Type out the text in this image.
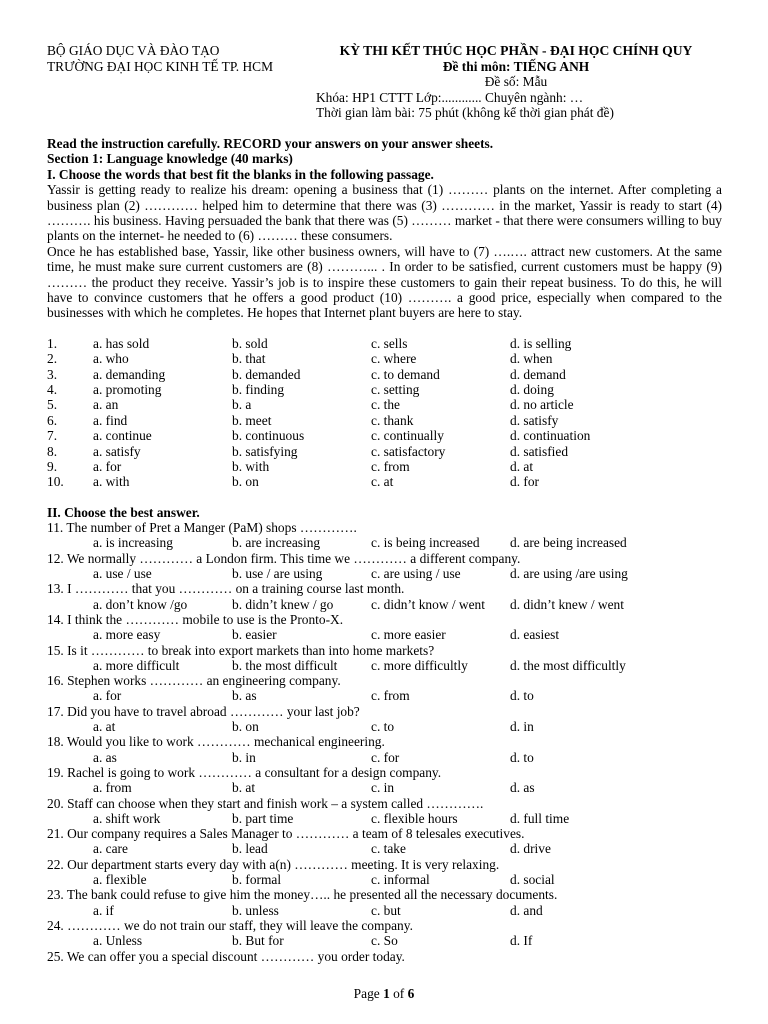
BỘ GIÁO DỤC VÀ ĐÀO TẠO
TRƯỜNG ĐẠI HỌC KINH TẾ TP. HCM
KỲ THI KẾT THÚC HỌC PHẦN - ĐẠI HỌC CHÍNH QUY
Đề thi môn: TIẾNG ANH
Đề số: Mẫu
Khóa: HP1 CTTT Lớp:............ Chuyên ngành: …
Thời gian làm bài: 75 phút (không kể thời gian phát đề)
Read the instruction carefully. RECORD your answers on your answer sheets.
Section 1: Language knowledge (40 marks)
I. Choose the words that best fit the blanks in the following passage.
Yassir is getting ready to realize his dream: opening a business that (1) ……… plants on the internet. After completing a business plan (2) ………… helped him to determine that there was (3) ………… in the market, Yassir is ready to start (4) ………. his business. Having persuaded the bank that there was (5) ……… market - that there were consumers willing to buy plants on the internet- he needed to (6) ……… these consumers.
Once he has established base, Yassir, like other business owners, will have to (7) ….…. attract new customers. At the same time, he must make sure current customers are (8) ………... . In order to be satisfied, current customers must be happy (9) ……… the product they receive. Yassir’s job is to inspire these customers to gain their repeat business. To do this, he will have to convince customers that he offers a good product (10) ………. a good price, especially when compared to the businesses with which he completes. He hopes that Internet plant buyers are here to stay.
1.	a. has sold	b. sold	c. sells	d. is selling
2.	a. who	b. that	c. where	d. when
3.	a. demanding	b. demanded	c. to demand	d. demand
4.	a. promoting	b. finding	c. setting	d. doing
5.	a. an	b. a	c. the	d. no article
6.	a. find	b. meet	c. thank	d. satisfy
7.	a. continue	b. continuous	c. continually	d. continuation
8.	a. satisfy	b. satisfying	c. satisfactory	d. satisfied
9.	a. for	b. with	c. from	d. at
10.	a. with	b. on	c. at	d. for
II. Choose the best answer.
11. The number of Pret a Manger (PaM) shops ………….
a. is increasing	b. are increasing	c. is being increased	d. are being increased
12. We normally ………… a London firm. This time we ………… a different company.
a. use / use	b. use / are using	c. are using / use	d. are using /are using
13. I ………… that you ………… on a training course last month.
a. don’t know /go	b. didn’t knew / go	c. didn’t know / went	d. didn’t knew / went
14. I think the ………… mobile to use is the Pronto-X.
a. more easy	b. easier	c. more easier	d. easiest
15. Is it ………… to break into export markets than into home markets?
a. more difficult	b. the most difficult	c. more difficultly	d. the most difficultly
16. Stephen works ………… an engineering company.
a. for	b. as	c. from	d. to
17. Did you have to travel abroad ………… your last job?
a. at	b. on	c. to	d. in
18. Would you like to work ………… mechanical engineering.
a. as	b. in	c. for	d. to
19. Rachel is going to work ………… a consultant for a design company.
a. from	b. at	c. in	d. as
20. Staff can choose when they start and finish work – a system called ………….
a. shift work	b. part time	c. flexible hours	d. full time
21. Our company requires a Sales Manager to ………… a team of 8 telesales executives.
a. care	b. lead	c. take	d. drive
22. Our department starts every day with a(n) ………… meeting. It is very relaxing.
a. flexible	b. formal	c. informal	d. social
23. The bank could refuse to give him the money….. he presented all the necessary documents.
a. if	b. unless	c. but	d. and
24. ………… we do not train our staff, they will leave the company.
a. Unless	b. But for	c. So	d. If
25. We can offer you a special discount ………… you order today.
Page 1 of 6
